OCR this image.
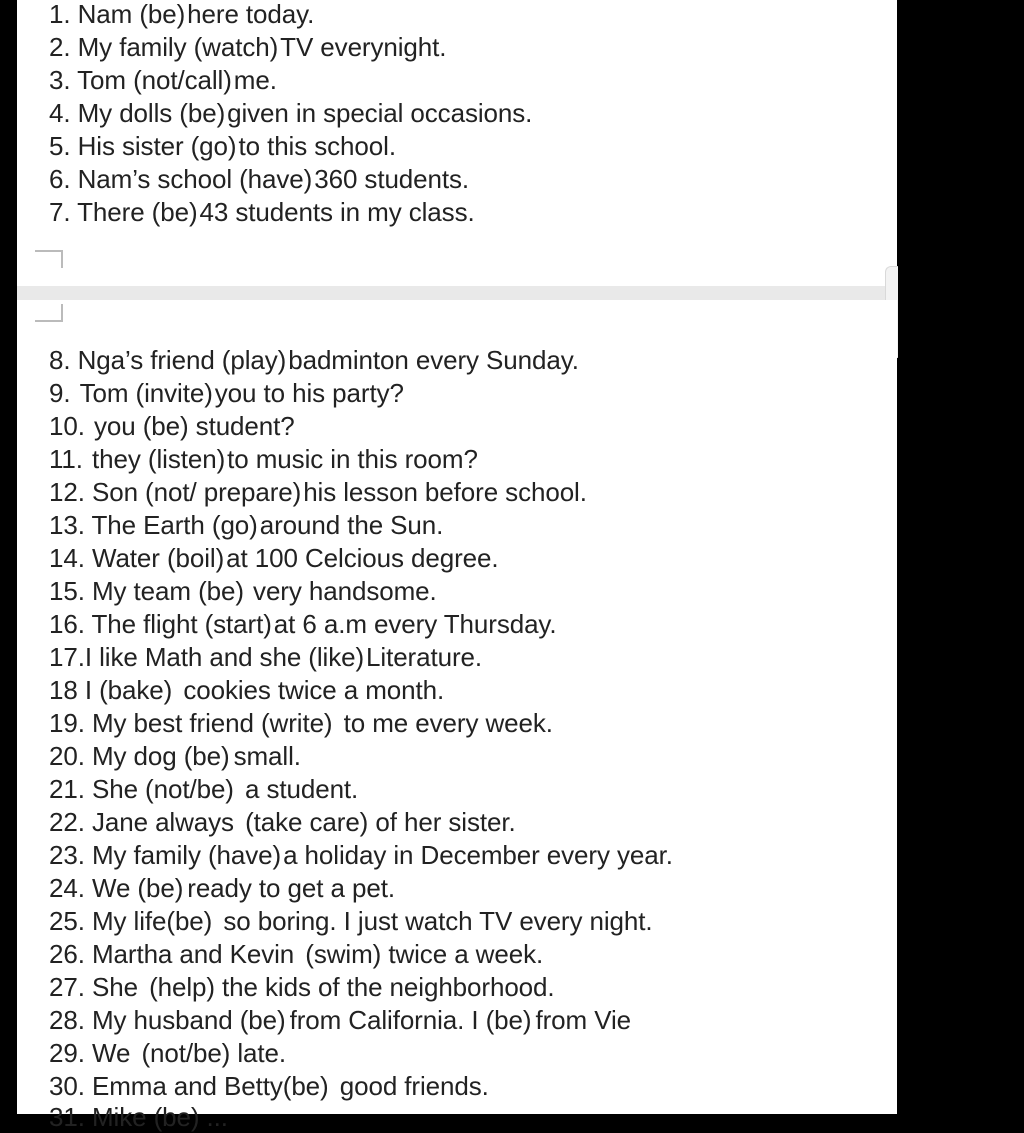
1. Nam (be)here today.
2. My family (watch)TV everynight.
3. Tom (not/call)me.
4. My dolls (be)given in special occasions.
5. His sister (go)to this school.
6. Nam’s school (have)360 students.
7. There (be)43 students in my class.
8. Nga’s friend (play)badminton every Sunday.
9. Tom (invite)you to his party?
10. you (be) student?
11. they (listen)to music in this room?
12. Son (not/ prepare)his lesson before school.
13. The Earth (go)around the Sun.
14. Water (boil)at 100 Celcious degree.
15. My team (be) very handsome.
16. The flight (start)at 6 a.m every Thursday.
17.I like Math and she (like)Literature.
18 I (bake) cookies twice a month.
19. My best friend (write) to me every week.
20. My dog (be) small.
21. She (not/be) a student.
22. Jane always (take care) of her sister.
23. My family (have)a holiday in December every year.
24. We (be) ready to get a pet.
25. My life(be) so boring. I just watch TV every night.
26. Martha and Kevin (swim) twice a week.
27. She (help) the kids of the neighborhood.
28. My husband (be) from California. I (be) from Vie
29. We (not/be) late.
30. Emma and Betty(be) good friends.
31. Mike (be) ...
